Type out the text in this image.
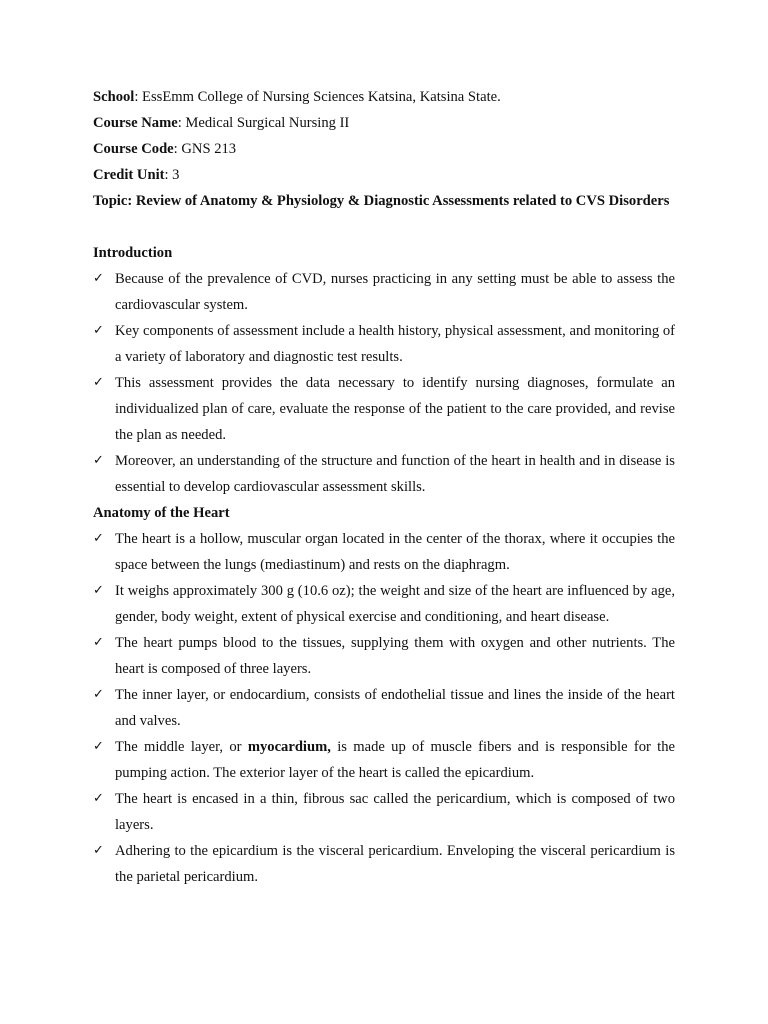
School: EssEmm College of Nursing Sciences Katsina, Katsina State.

Course Name: Medical Surgical Nursing II

Course Code: GNS 213

Credit Unit: 3

Topic: Review of Anatomy & Physiology & Diagnostic Assessments related to CVS Disorders

Introduction

✓ Because of the prevalence of CVD, nurses practicing in any setting must be able to assess the cardiovascular system.
✓ Key components of assessment include a health history, physical assessment, and monitoring of a variety of laboratory and diagnostic test results.
✓ This assessment provides the data necessary to identify nursing diagnoses, formulate an individualized plan of care, evaluate the response of the patient to the care provided, and revise the plan as needed.
✓ Moreover, an understanding of the structure and function of the heart in health and in disease is essential to develop cardiovascular assessment skills.

Anatomy of the Heart

✓ The heart is a hollow, muscular organ located in the center of the thorax, where it occupies the space between the lungs (mediastinum) and rests on the diaphragm.
✓ It weighs approximately 300 g (10.6 oz); the weight and size of the heart are influenced by age, gender, body weight, extent of physical exercise and conditioning, and heart disease.
✓ The heart pumps blood to the tissues, supplying them with oxygen and other nutrients. The heart is composed of three layers.
✓ The inner layer, or endocardium, consists of endothelial tissue and lines the inside of the heart and valves.
✓ The middle layer, or myocardium, is made up of muscle fibers and is responsible for the pumping action. The exterior layer of the heart is called the epicardium.
✓ The heart is encased in a thin, fibrous sac called the pericardium, which is composed of two layers.
✓ Adhering to the epicardium is the visceral pericardium. Enveloping the visceral pericardium is the parietal pericardium.
